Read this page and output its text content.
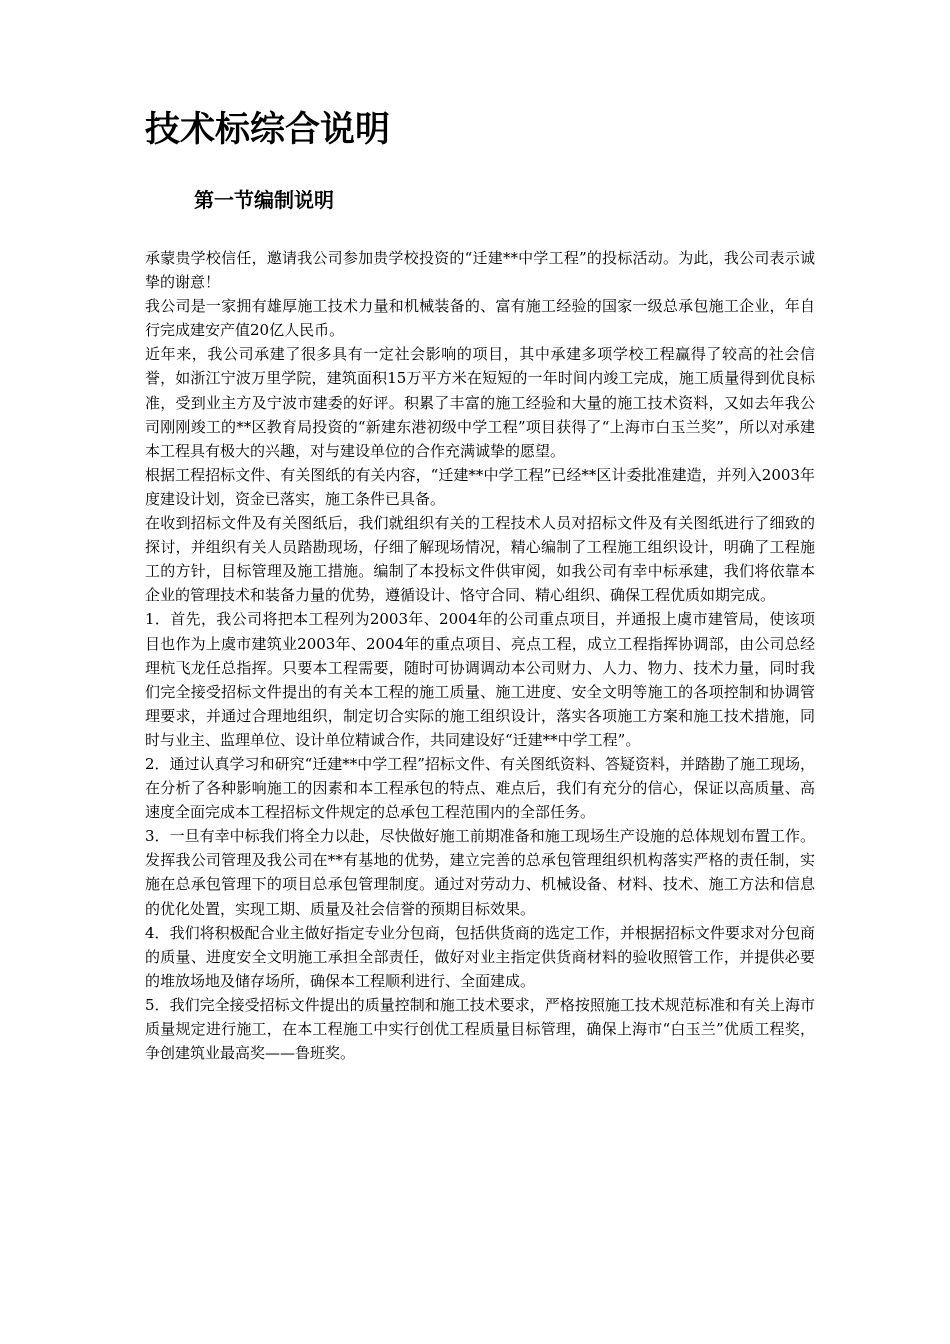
技术标综合说明
第一节编制说明

承蒙贵学校信任，邀请我公司参加贵学校投资的“迁建**中学工程”的投标活动。为此，我公司表示诚挚的谢意！

我公司是一家拥有雄厚施工技术力量和机械装备的、富有施工经验的国家一级总承包施工企业，年自行完成建安产值20亿人民币。

近年来，我公司承建了很多具有一定社会影响的项目，其中承建多项学校工程赢得了较高的社会信誉，如浙江宁波万里学院，建筑面积15万平方米在短短的一年时间内竣工完成，施工质量得到优良标准，受到业主方及宁波市建委的好评。积累了丰富的施工经验和大量的施工技术资料，又如去年我公司刚刚竣工的**区教育局投资的“新建东港初级中学工程”项目获得了“上海市白玉兰奖”，所以对承建本工程具有极大的兴趣，对与建设单位的合作充满诚挚的愿望。

根据工程招标文件、有关图纸的有关内容，“迁建**中学工程”已经**区计委批准建造，并列入2003年度建设计划，资金已落实，施工条件已具备。

在收到招标文件及有关图纸后，我们就组织有关的工程技术人员对招标文件及有关图纸进行了细致的探讨，并组织有关人员踏勘现场，仔细了解现场情况，精心编制了工程施工组织设计，明确了工程施工的方针，目标管理及施工措施。编制了本投标文件供审阅，如我公司有幸中标承建，我们将依靠本企业的管理技术和装备力量的优势，遵循设计、恪守合同、精心组织、确保工程优质如期完成。

1．首先，我公司将把本工程列为2003年、2004年的公司重点项目，并通报上虞市建管局，使该项目也作为上虞市建筑业2003年、2004年的重点项目、亮点工程，成立工程指挥协调部，由公司总经理杭飞龙任总指挥。只要本工程需要，随时可协调调动本公司财力、人力、物力、技术力量，同时我们完全接受招标文件提出的有关本工程的施工质量、施工进度、安全文明等施工的各项控制和协调管理要求，并通过合理地组织，制定切合实际的施工组织设计，落实各项施工方案和施工技术措施，同时与业主、监理单位、设计单位精诚合作，共同建设好“迁建**中学工程”。

2．通过认真学习和研究“迁建**中学工程”招标文件、有关图纸资料、答疑资料，并踏勘了施工现场，在分析了各种影响施工的因素和本工程承包的特点、难点后，我们有充分的信心，保证以高质量、高速度全面完成本工程招标文件规定的总承包工程范围内的全部任务。

3．一旦有幸中标我们将全力以赴，尽快做好施工前期准备和施工现场生产设施的总体规划布置工作。发挥我公司管理及我公司在**有基地的优势，建立完善的总承包管理组织机构落实严格的责任制，实施在总承包管理下的项目总承包管理制度。通过对劳动力、机械设备、材料、技术、施工方法和信息的优化处置，实现工期、质量及社会信誉的预期目标效果。

4．我们将积极配合业主做好指定专业分包商，包括供货商的选定工作，并根据招标文件要求对分包商的质量、进度安全文明施工承担全部责任，做好对业主指定供货商材料的验收照管工作，并提供必要的堆放场地及储存场所，确保本工程顺利进行、全面建成。

5．我们完全接受招标文件提出的质量控制和施工技术要求，严格按照施工技术规范标准和有关上海市质量规定进行施工，在本工程施工中实行创优工程质量目标管理，确保上海市“白玉兰”优质工程奖，争创建筑业最高奖——鲁班奖。
